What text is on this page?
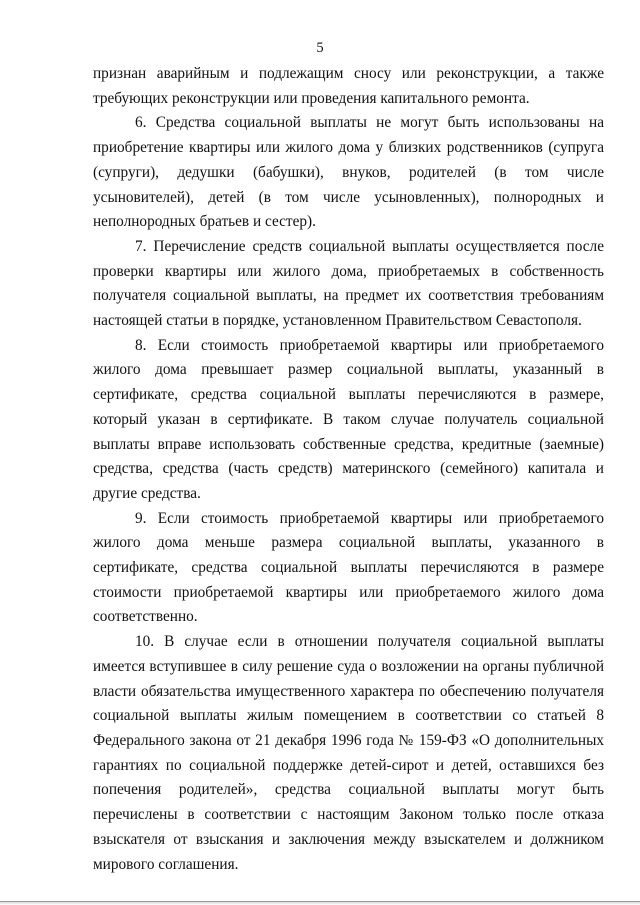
5

признан аварийным и подлежащим сносу или реконструкции, а также требующих реконструкции или проведения капитального ремонта.

6. Средства социальной выплаты не могут быть использованы на приобретение квартиры или жилого дома у близких родственников (супруга (супруги), дедушки (бабушки), внуков, родителей (в том числе усыновителей), детей (в том числе усыновленных), полнородных и неполнородных братьев и сестер).

7. Перечисление средств социальной выплаты осуществляется после проверки квартиры или жилого дома, приобретаемых в собственность получателя социальной выплаты, на предмет их соответствия требованиям настоящей статьи в порядке, установленном Правительством Севастополя.

8. Если стоимость приобретаемой квартиры или приобретаемого жилого дома превышает размер социальной выплаты, указанный в сертификате, средства социальной выплаты перечисляются в размере, который указан в сертификате. В таком случае получатель социальной выплаты вправе использовать собственные средства, кредитные (заемные) средства, средства (часть средств) материнского (семейного) капитала и другие средства.

9. Если стоимость приобретаемой квартиры или приобретаемого жилого дома меньше размера социальной выплаты, указанного в сертификате, средства социальной выплаты перечисляются в размере стоимости приобретаемой квартиры или приобретаемого жилого дома соответственно.

10. В случае если в отношении получателя социальной выплаты имеется вступившее в силу решение суда о возложении на органы публичной власти обязательства имущественного характера по обеспечению получателя социальной выплаты жилым помещением в соответствии со статьей 8 Федерального закона от 21 декабря 1996 года № 159-ФЗ «О дополнительных гарантиях по социальной поддержке детей-сирот и детей, оставшихся без попечения родителей», средства социальной выплаты могут быть перечислены в соответствии с настоящим Законом только после отказа взыскателя от взыскания и заключения между взыскателем и должником мирового соглашения.
